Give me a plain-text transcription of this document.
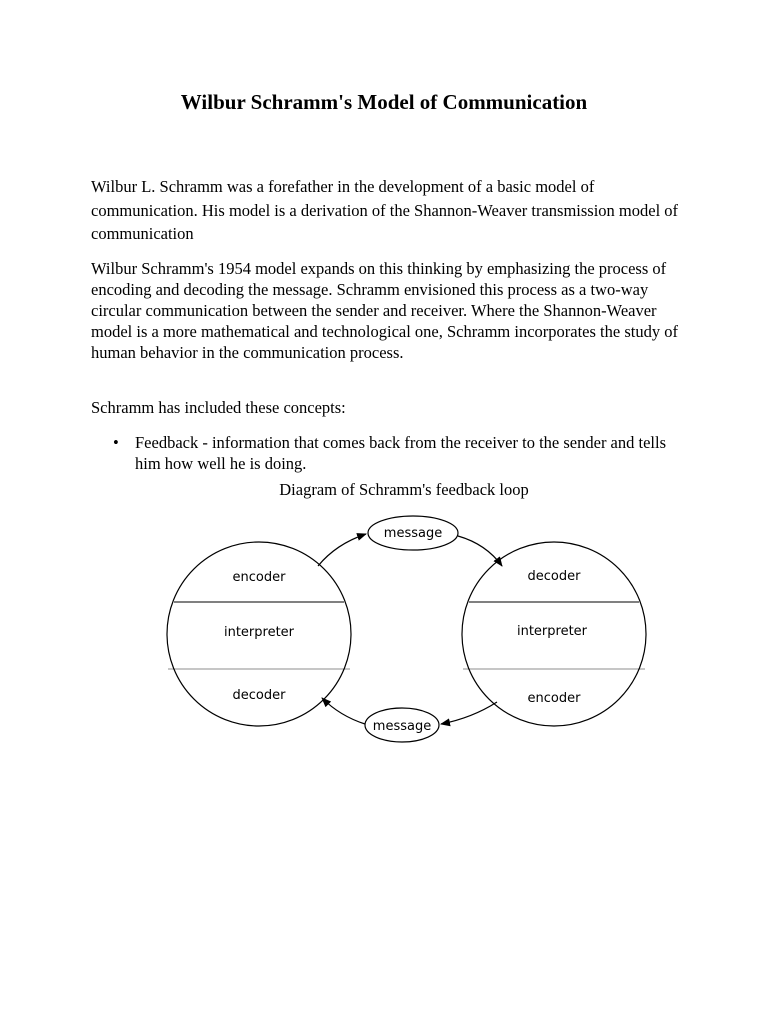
Wilbur Schramm's Model of Communication

Wilbur L. Schramm was a forefather in the development of a basic model of communication. His model is a derivation of the Shannon-Weaver transmission model of communication

Wilbur Schramm's 1954 model expands on this thinking by emphasizing the process of encoding and decoding the message. Schramm envisioned this process as a two-way circular communication between the sender and receiver. Where the Shannon-Weaver model is a more mathematical and technological one, Schramm incorporates the study of human behavior in the communication process.

Schramm has included these concepts:

• Feedback - information that comes back from the receiver to the sender and tells him how well he is doing.

Diagram of Schramm's feedback loop

encoder
interpreter
decoder
decoder
interpreter
encoder
message
message
